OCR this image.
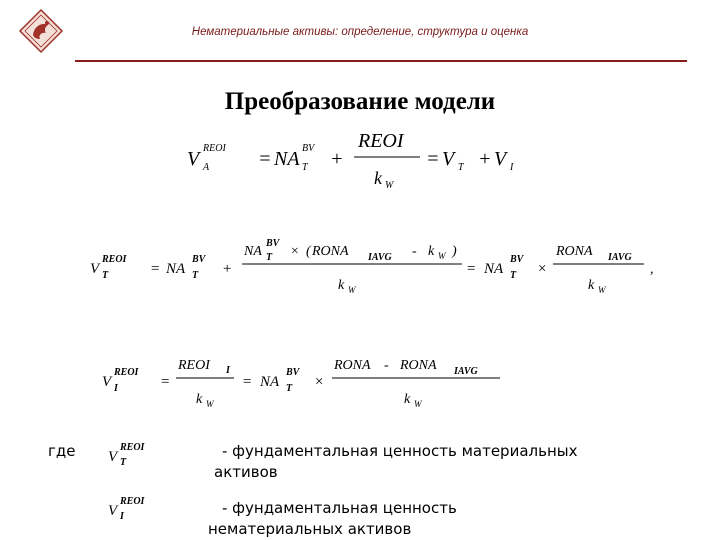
Нематериальные активы: определение, структура и оценка
Преобразование модели
V REOI
A = NA BV
T +
REOI
k W
= V T + V I
V
REOI
T	= NA
BV
T +
NA
BV
T × ( RONA IAVG - k W )
k W
= NA
BV
T ×
RONA IAVG
k W
,
V
REOI
I	=
REOI I
k W
= NA
BV
T ×
RONA - RONA IAVG
k W
где V
REOI
T
- фундаментальная ценность материальных
активов
V
REOI
I	- фундаментальная ценность
нематериальных активов
